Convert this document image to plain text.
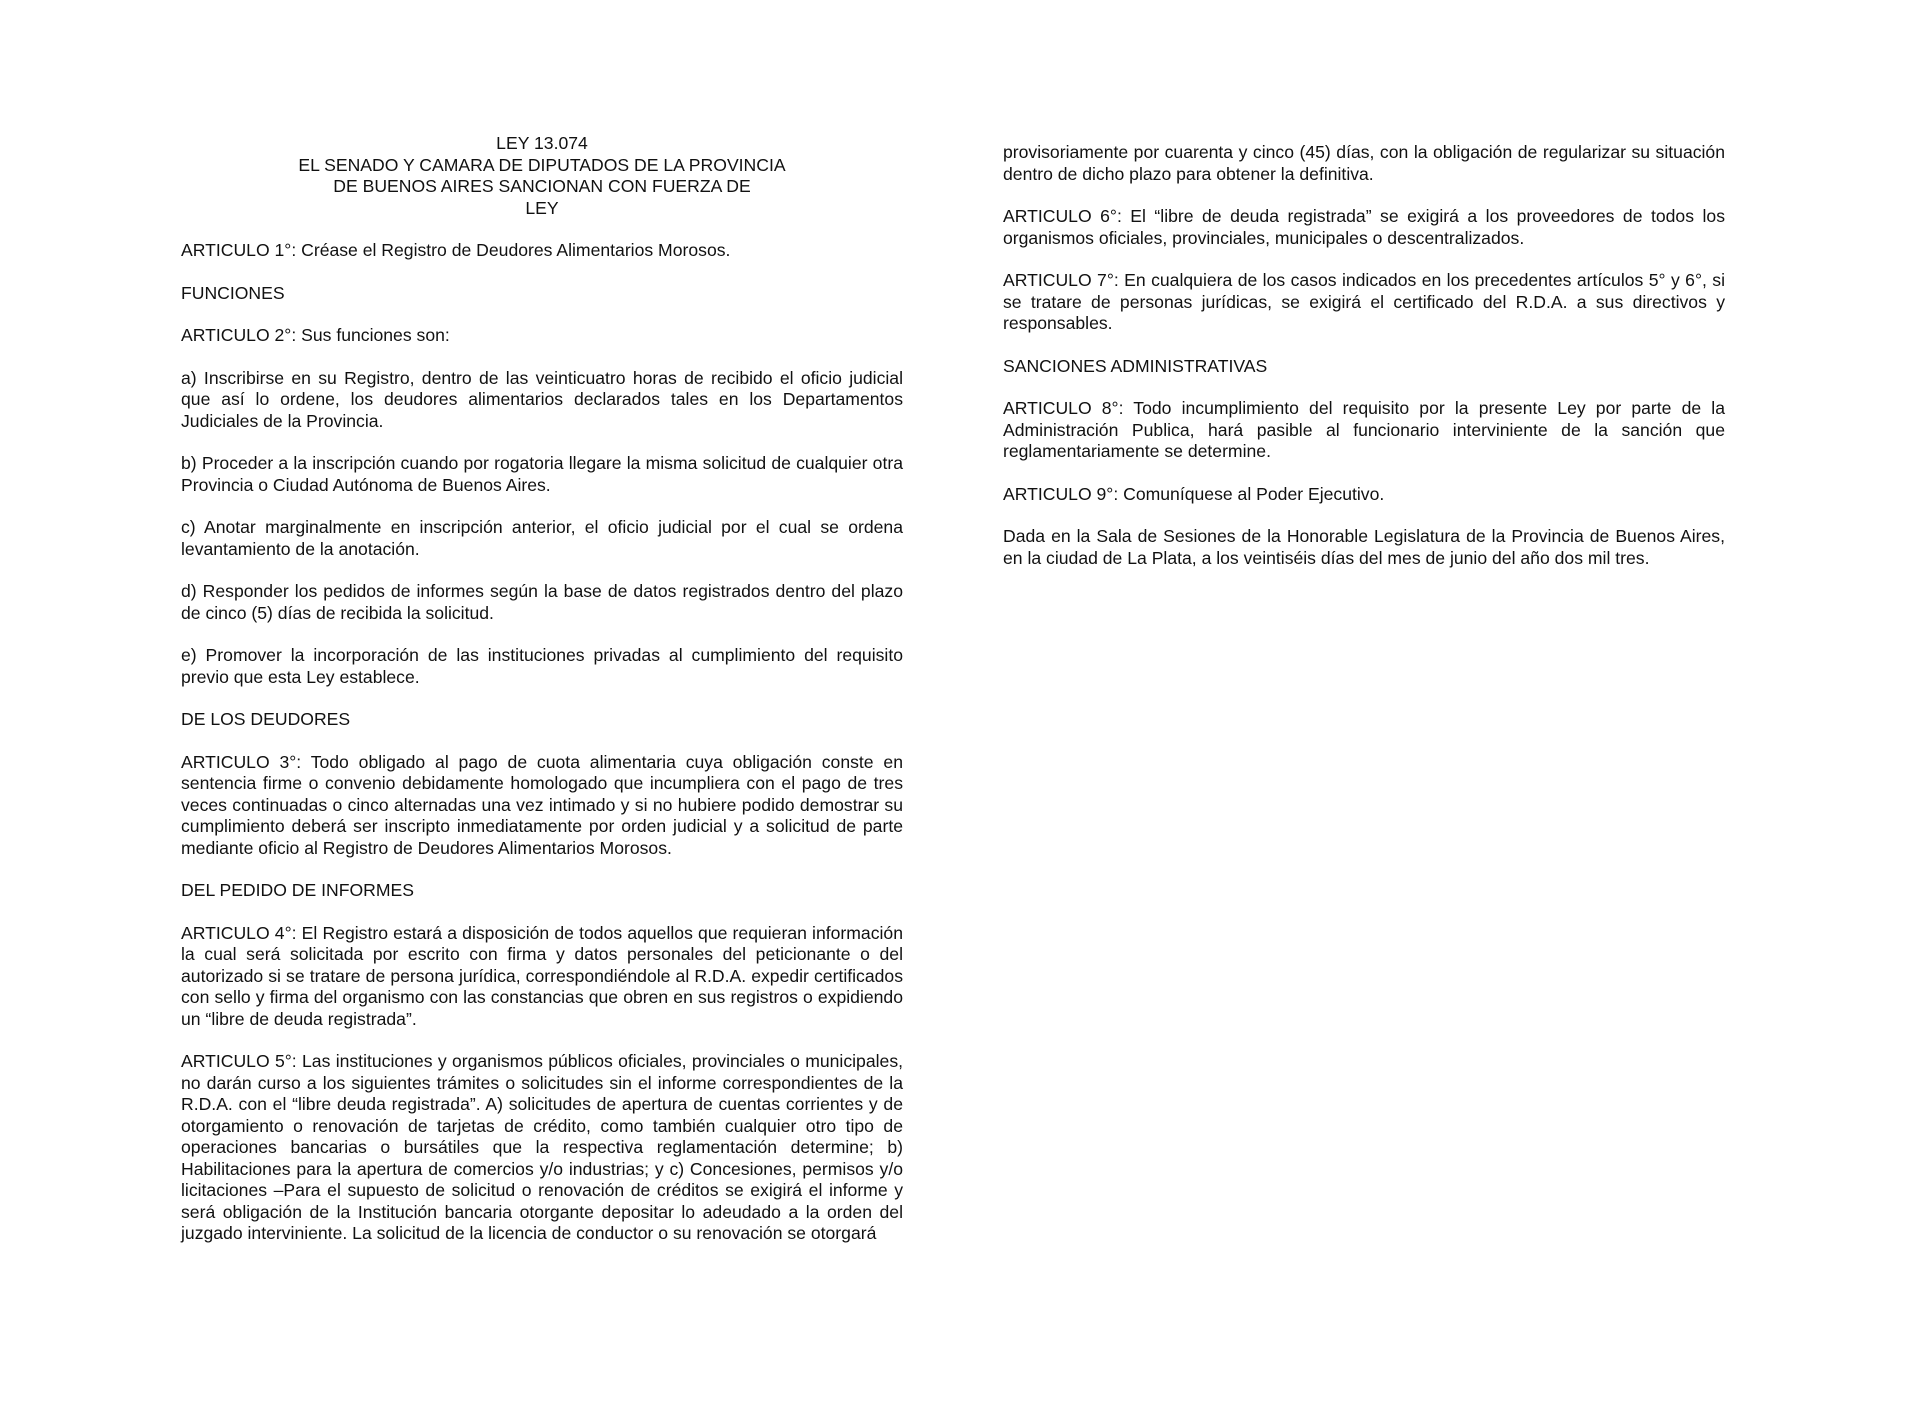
LEY 13.074
EL SENADO Y CAMARA DE DIPUTADOS DE LA PROVINCIA
DE BUENOS AIRES SANCIONAN CON FUERZA DE
LEY

ARTICULO 1°: Créase el Registro de Deudores Alimentarios Morosos.

FUNCIONES

ARTICULO 2°: Sus funciones son:

a) Inscribirse en su Registro, dentro de las veinticuatro horas de recibido el oficio judicial que así lo ordene, los deudores alimentarios declarados tales en los Departamentos Judiciales de la Provincia.

b) Proceder a la inscripción cuando por rogatoria llegare la misma solicitud de cualquier otra Provincia o Ciudad Autónoma de Buenos Aires.

c) Anotar marginalmente en inscripción anterior, el oficio judicial por el cual se ordena levantamiento de la anotación.

d) Responder los pedidos de informes según la base de datos registrados dentro del plazo de cinco (5) días de recibida la solicitud.

e) Promover la incorporación de las instituciones privadas al cumplimiento del requisito previo que esta Ley establece.

DE LOS DEUDORES

ARTICULO 3°: Todo obligado al pago de cuota alimentaria cuya obligación conste en sentencia firme o convenio debidamente homologado que incumpliera con el pago de tres veces continuadas o cinco alternadas una vez intimado y si no hubiere podido demostrar su cumplimiento deberá ser inscripto inmediatamente por orden judicial y a solicitud de parte mediante oficio al Registro de Deudores Alimentarios Morosos.

DEL PEDIDO DE INFORMES

ARTICULO 4°: El Registro estará a disposición de todos aquellos que requieran información la cual será solicitada por escrito con firma y datos personales del peticionante o del autorizado si se tratare de persona jurídica, correspondiéndole al R.D.A. expedir certificados con sello y firma del organismo con las constancias que obren en sus registros o expidiendo un “libre de deuda registrada”.

ARTICULO 5°: Las instituciones y organismos públicos oficiales, provinciales o municipales, no darán curso a los siguientes trámites o solicitudes sin el informe correspondientes de la R.D.A. con el “libre deuda registrada”. A) solicitudes de apertura de cuentas corrientes y de otorgamiento o renovación de tarjetas de crédito, como también cualquier otro tipo de operaciones bancarias o bursátiles que la respectiva reglamentación determine; b) Habilitaciones para la apertura de comercios y/o industrias; y c) Concesiones, permisos y/o licitaciones –Para el supuesto de solicitud o renovación de créditos se exigirá el informe y será obligación de la Institución bancaria otorgante depositar lo adeudado a la orden del juzgado interviniente. La solicitud de la licencia de conductor o su renovación se otorgará

provisoriamente por cuarenta y cinco (45) días, con la obligación de regularizar su situación dentro de dicho plazo para obtener la definitiva.

ARTICULO 6°: El “libre de deuda registrada” se exigirá a los proveedores de todos los organismos oficiales, provinciales, municipales o descentralizados.

ARTICULO 7°: En cualquiera de los casos indicados en los precedentes artículos 5° y 6°, si se tratare de personas jurídicas, se exigirá el certificado del R.D.A. a sus directivos y responsables.

SANCIONES ADMINISTRATIVAS

ARTICULO 8°: Todo incumplimiento del requisito por la presente Ley por parte de la Administración Publica, hará pasible al funcionario interviniente de la sanción que reglamentariamente se determine.

ARTICULO 9°: Comuníquese al Poder Ejecutivo.

Dada en la Sala de Sesiones de la Honorable Legislatura de la Provincia de Buenos Aires, en la ciudad de La Plata, a los veintiséis días del mes de junio del año dos mil tres.
